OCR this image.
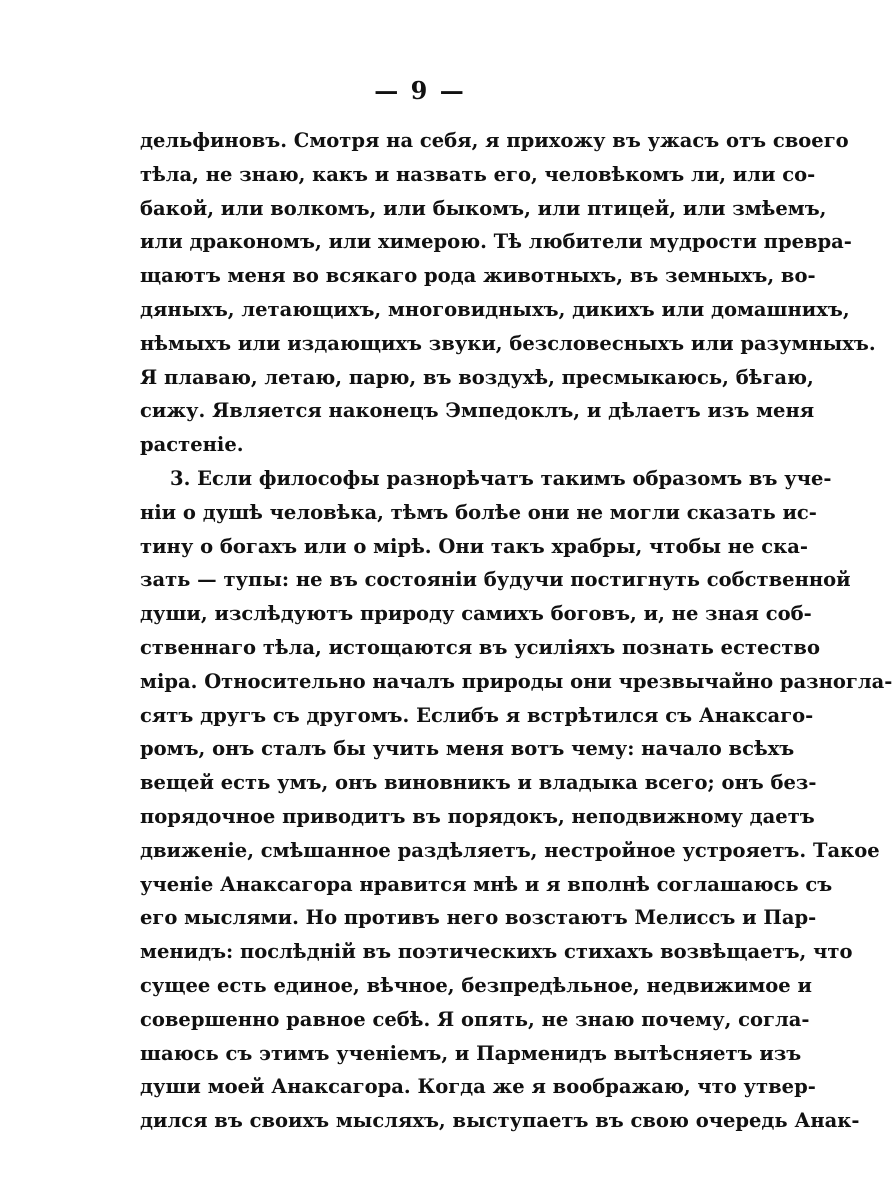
— 9 —
дельфиновъ. Смотря на себя, я прихожу въ ужасъ отъ своего
тѣла, не знаю, какъ и назвать его, человѣкомъ ли, или со-
бакой, или волкомъ, или быкомъ, или птицей, или змѣемъ,
или дракономъ, или химерою. Тѣ любители мудрости превра-
щаютъ меня во всякаго рода животныхъ, въ земныхъ, во-
дяныхъ, летающихъ, многовидныхъ, дикихъ или домашнихъ,
нѣмыхъ или издающихъ звуки, безсловесныхъ или разумныхъ.
Я плаваю, летаю, парю, въ воздухѣ, пресмыкаюсь, бѣгаю,
сижу. Является наконецъ Эмпедоклъ, и дѣлаетъ изъ меня
растеніе.
3. Если философы разнорѣчатъ такимъ образомъ въ уче-
ніи о душѣ человѣка, тѣмъ болѣе они не могли сказать ис-
тину о богахъ или о мірѣ. Они такъ храбры, чтобы не ска-
зать — тупы: не въ состояніи будучи постигнуть собственной
души, изслѣдуютъ природу самихъ боговъ, и, не зная соб-
ственнаго тѣла, истощаются въ усиліяхъ познать естество
міра. Относительно началъ природы они чрезвычайно разногла-
сятъ другъ съ другомъ. Еслибъ я встрѣтился съ Анаксаго-
ромъ, онъ сталъ бы учить меня вотъ чему: начало всѣхъ
вещей есть умъ, онъ виновникъ и владыка всего; онъ без-
порядочное приводитъ въ порядокъ, неподвижному даетъ
движеніе, смѣшанное раздѣляетъ, нестройное устрояетъ. Такое
ученіе Анаксагора нравится мнѣ и я вполнѣ соглашаюсь съ
его мыслями. Но противъ него возстаютъ Мелиссъ и Пар-
менидъ: послѣдній въ поэтическихъ стихахъ возвѣщаетъ, что
сущее есть единое, вѣчное, безпредѣльное, недвижимое и
совершенно равное себѣ. Я опять, не знаю почему, согла-
шаюсь съ этимъ ученіемъ, и Парменидъ вытѣсняетъ изъ
души моей Анаксагора. Когда же я воображаю, что утвер-
дился въ своихъ мысляхъ, выступаетъ въ свою очередь Анак-
